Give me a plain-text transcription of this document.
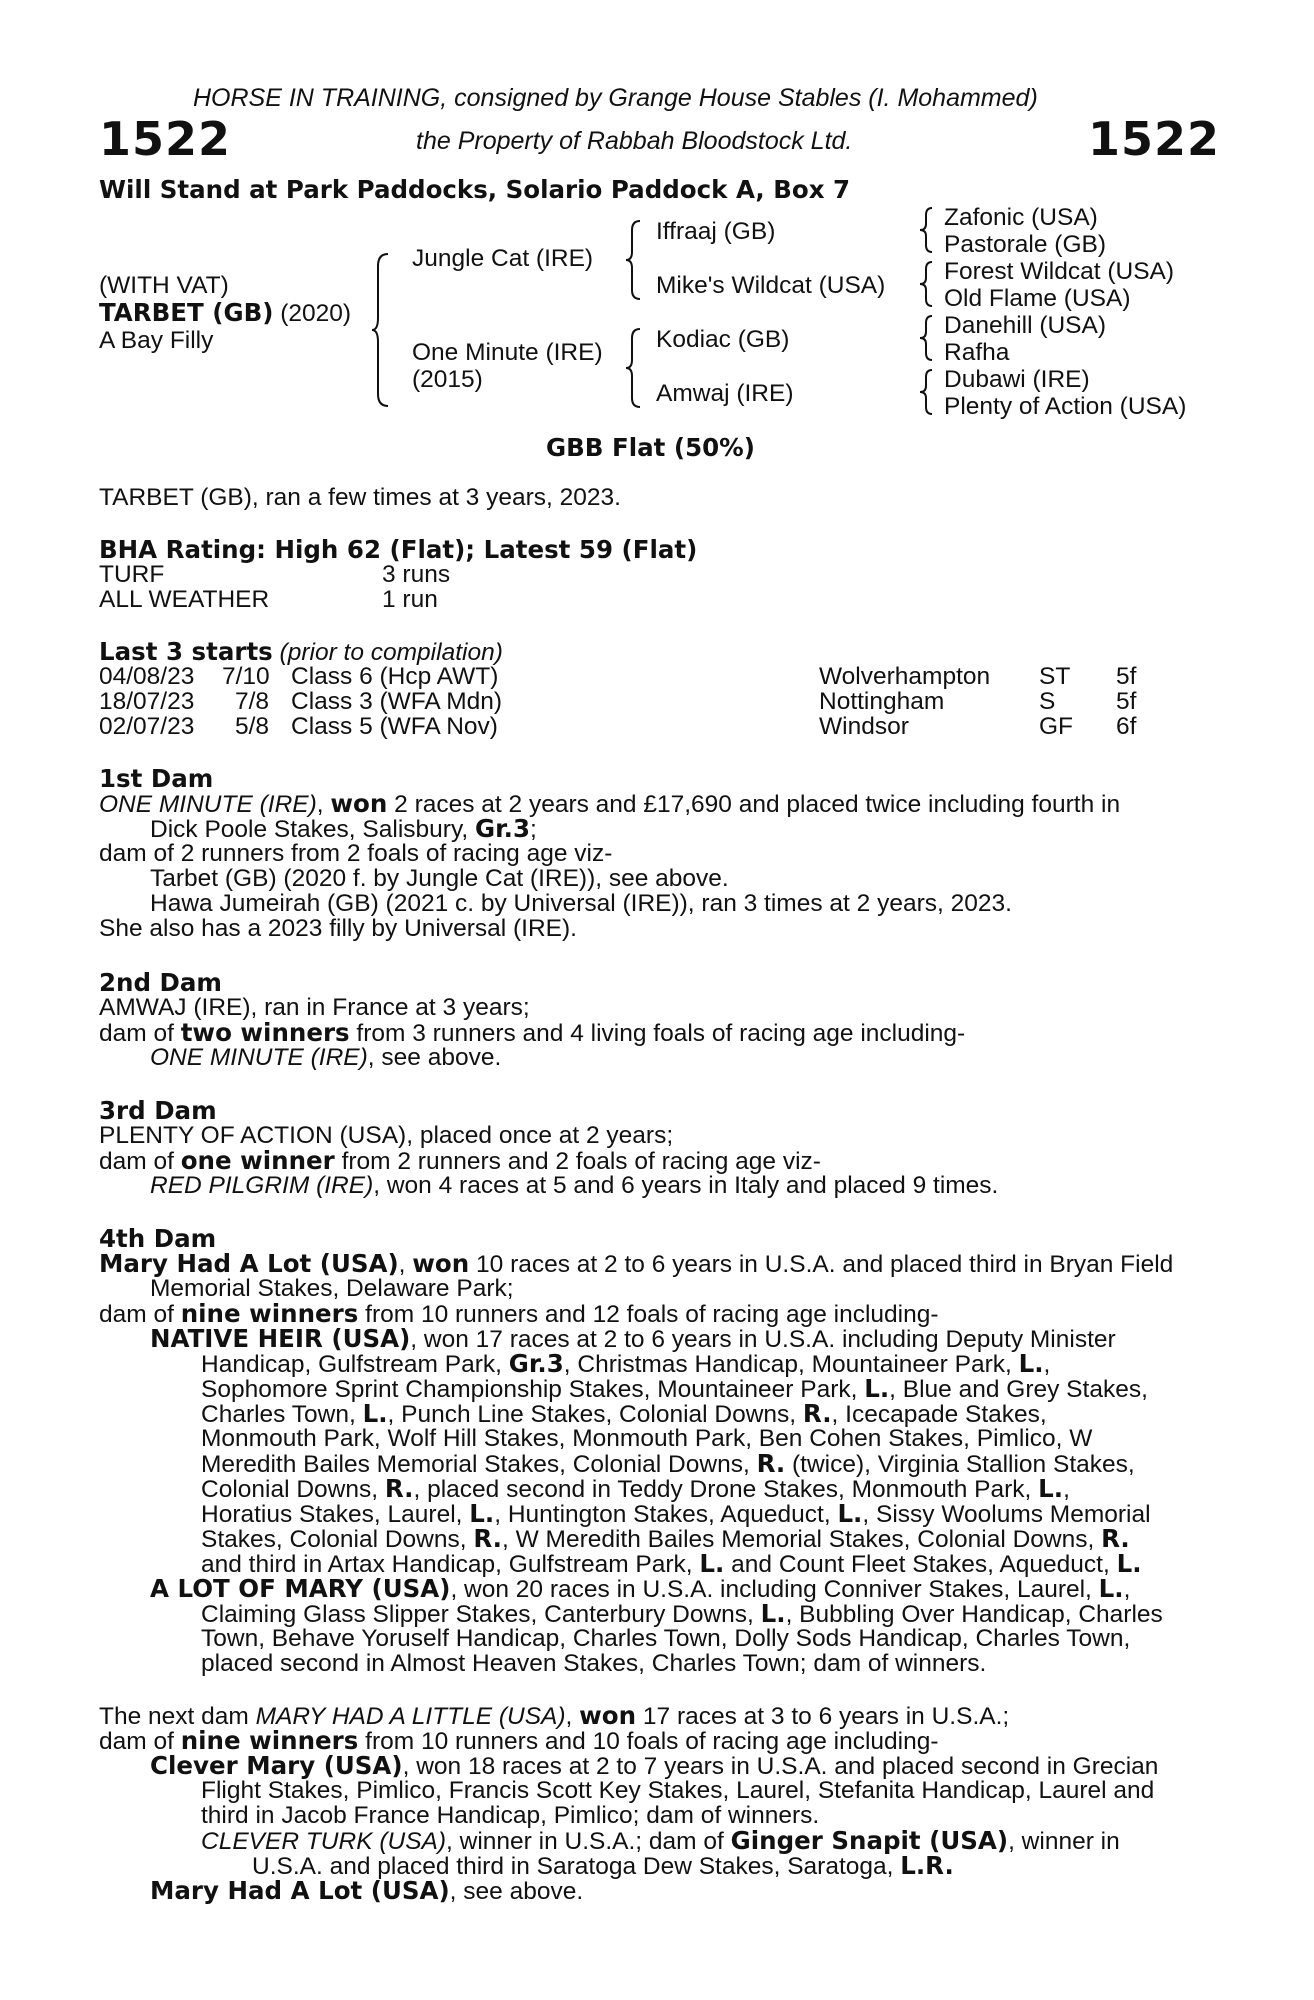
HORSE IN TRAINING, consigned by Grange House Stables (I. Mohammed)
1522	the Property of Rabbah Bloodstock Ltd.	1522
Will Stand at Park Paddocks, Solario Paddock A, Box 7
(WITH VAT)
TARBET (GB) (2020)
A Bay Filly
Jungle Cat (IRE)
One Minute (IRE)
(2015)
Iffraaj (GB)
Mike's Wildcat (USA)
Kodiac (GB)
Amwaj (IRE)
Zafonic (USA)
Pastorale (GB)
Forest Wildcat (USA)
Old Flame (USA)
Danehill (USA)
Rafha
Dubawi (IRE)
Plenty of Action (USA)
GBB Flat (50%)
TARBET (GB), ran a few times at 3 years, 2023.
BHA Rating: High 62 (Flat); Latest 59 (Flat)
TURF	3 runs
ALL WEATHER	1 run
Last 3 starts (prior to compilation)
04/08/23 7/10 Class 6 (Hcp AWT)	Wolverhampton ST 5f
18/07/23 7/8 Class 3 (WFA Mdn)	Nottingham	S 5f
02/07/23 5/8 Class 5 (WFA Nov)	Windsor	GF 6f
1st Dam
ONE MINUTE (IRE), won 2 races at 2 years and £17,690 and placed twice including fourth in
Dick Poole Stakes, Salisbury, Gr.3;
dam of 2 runners from 2 foals of racing age viz-
Tarbet (GB) (2020 f. by Jungle Cat (IRE)), see above.
Hawa Jumeirah (GB) (2021 c. by Universal (IRE)), ran 3 times at 2 years, 2023.
She also has a 2023 filly by Universal (IRE).
2nd Dam
AMWAJ (IRE), ran in France at 3 years;
dam of two winners from 3 runners and 4 living foals of racing age including-
ONE MINUTE (IRE), see above.
3rd Dam
PLENTY OF ACTION (USA), placed once at 2 years;
dam of one winner from 2 runners and 2 foals of racing age viz-
RED PILGRIM (IRE), won 4 races at 5 and 6 years in Italy and placed 9 times.
4th Dam
Mary Had A Lot (USA), won 10 races at 2 to 6 years in U.S.A. and placed third in Bryan Field
Memorial Stakes, Delaware Park;
dam of nine winners from 10 runners and 12 foals of racing age including-
NATIVE HEIR (USA), won 17 races at 2 to 6 years in U.S.A. including Deputy Minister
Handicap, Gulfstream Park, Gr.3, Christmas Handicap, Mountaineer Park, L.,
Sophomore Sprint Championship Stakes, Mountaineer Park, L., Blue and Grey Stakes,
Charles Town, L., Punch Line Stakes, Colonial Downs, R., Icecapade Stakes,
Monmouth Park, Wolf Hill Stakes, Monmouth Park, Ben Cohen Stakes, Pimlico, W
Meredith Bailes Memorial Stakes, Colonial Downs, R. (twice), Virginia Stallion Stakes,
Colonial Downs, R., placed second in Teddy Drone Stakes, Monmouth Park, L.,
Horatius Stakes, Laurel, L., Huntington Stakes, Aqueduct, L., Sissy Woolums Memorial
Stakes, Colonial Downs, R., W Meredith Bailes Memorial Stakes, Colonial Downs, R.
and third in Artax Handicap, Gulfstream Park, L. and Count Fleet Stakes, Aqueduct, L.
A LOT OF MARY (USA), won 20 races in U.S.A. including Conniver Stakes, Laurel, L.,
Claiming Glass Slipper Stakes, Canterbury Downs, L., Bubbling Over Handicap, Charles
Town, Behave Yoruself Handicap, Charles Town, Dolly Sods Handicap, Charles Town,
placed second in Almost Heaven Stakes, Charles Town; dam of winners.
The next dam MARY HAD A LITTLE (USA), won 17 races at 3 to 6 years in U.S.A.;
dam of nine winners from 10 runners and 10 foals of racing age including-
Clever Mary (USA), won 18 races at 2 to 7 years in U.S.A. and placed second in Grecian
Flight Stakes, Pimlico, Francis Scott Key Stakes, Laurel, Stefanita Handicap, Laurel and
third in Jacob France Handicap, Pimlico; dam of winners.
CLEVER TURK (USA), winner in U.S.A.; dam of Ginger Snapit (USA), winner in
U.S.A. and placed third in Saratoga Dew Stakes, Saratoga, L.R.
Mary Had A Lot (USA), see above.
